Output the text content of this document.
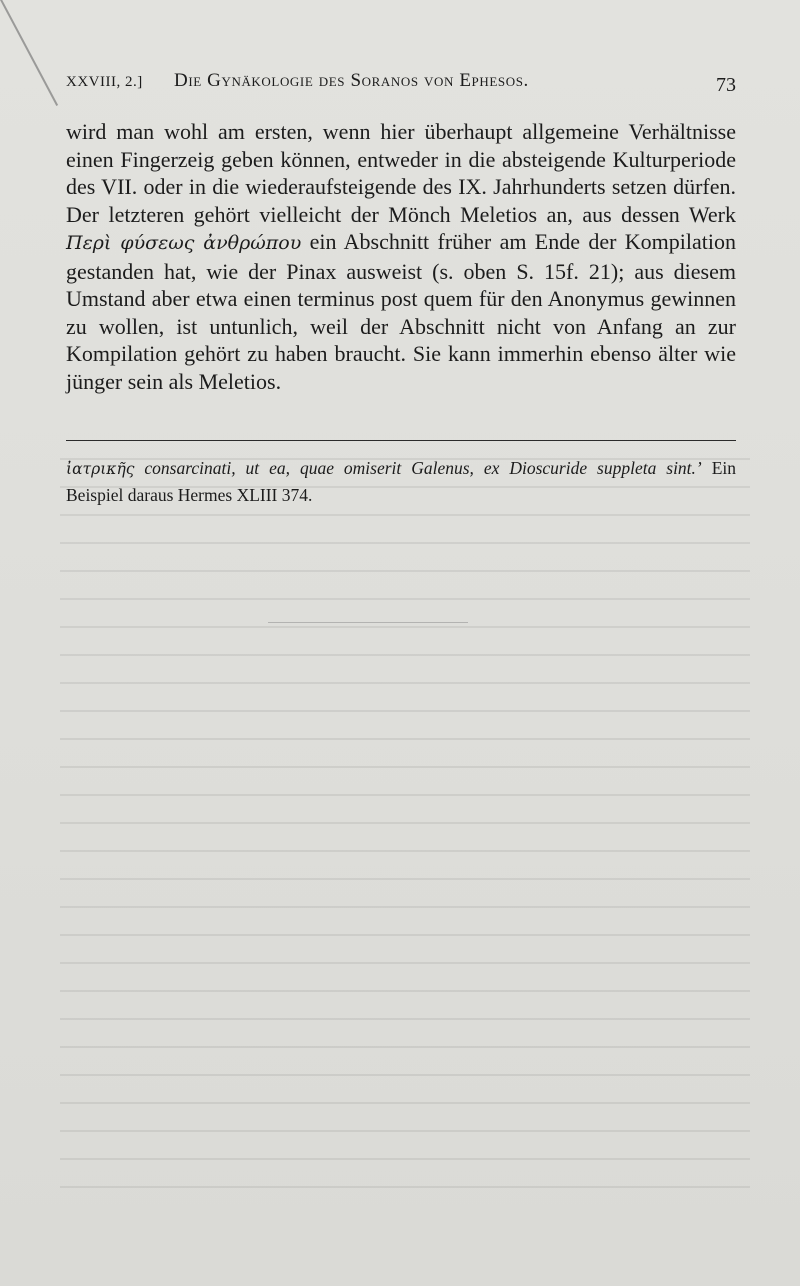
XXVIII, 2.] Die Gynäkologie des Soranos von Ephesos.	73

wird man wohl am ersten, wenn hier überhaupt allgemeine Verhältnisse einen Fingerzeig geben können, entweder in die absteigende Kulturperiode des VII. oder in die wiederaufsteigende des IX. Jahrhunderts setzen dürfen. Der letzteren gehört vielleicht der Mönch Meletios an, aus dessen Werk Περὶ φύσεως ἀνθρώπου ein Abschnitt früher am Ende der Kompilation gestanden hat, wie der Pinax ausweist (s. oben S. 15f. 21); aus diesem Umstand aber etwa einen terminus post quem für den Anonymus gewinnen zu wollen, ist untunlich, weil der Abschnitt nicht von Anfang an zur Kompilation gehört zu haben braucht. Sie kann immerhin ebenso älter wie jünger sein als Meletios.

ἰατρικῆς consarcinati, ut ea, quae omiserit Galenus, ex Dioscuride suppleta sint.’ Ein Beispiel daraus Hermes XLIII 374.
